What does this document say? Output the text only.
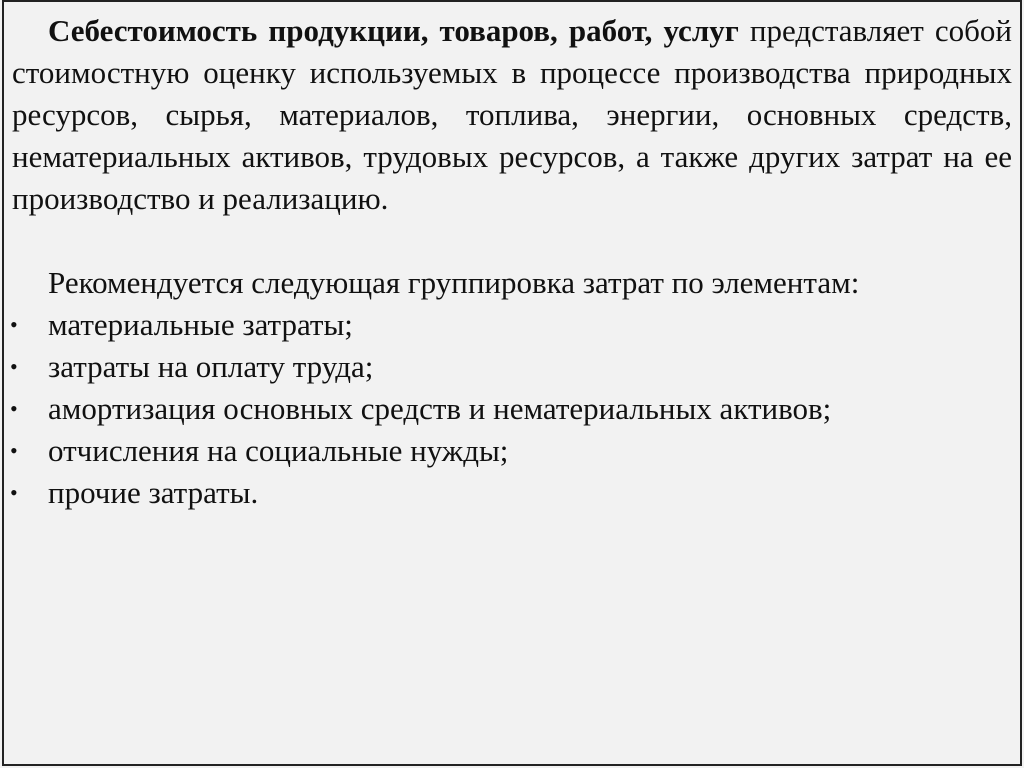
Себестоимость продукции, товаров, работ, услуг представляет собой стоимостную оценку используемых в процессе производства природных ресурсов, сырья, материалов, топлива, энергии, основных средств, нематериальных активов, трудовых ресурсов, а также других затрат на ее производство и реализацию.

Рекомендуется следующая группировка затрат по элементам:

• материальные затраты;
• затраты на оплату труда;
• амортизация основных средств и нематериальных активов;
• отчисления на социальные нужды;
• прочие затраты.
